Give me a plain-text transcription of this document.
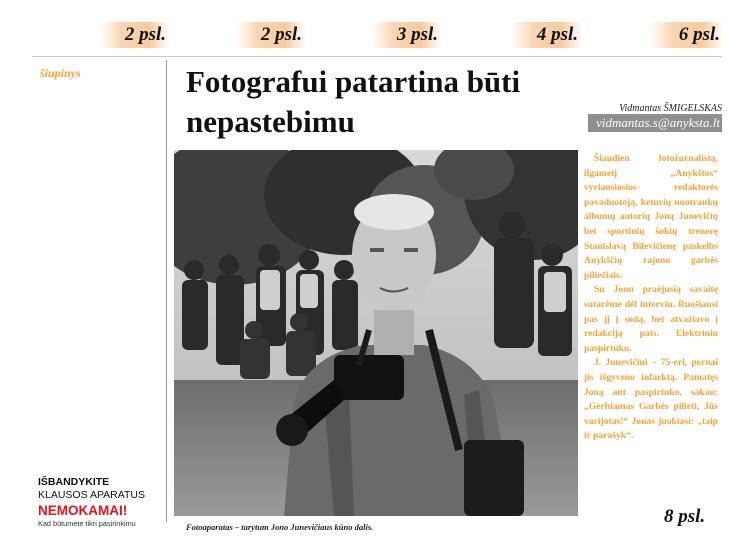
2 psl.	2 psl.	3 psl.	4 psl.	6 psl.
šiupinys	Fotografui patartina būti nepastebimu	Vidmantas ŠMIGELSKAS
vidmantas.s@anyksta.lt
Fotoaparatas – tarytum Jono Junevičiaus kūno dalis.

Šiaudien fotožurnalistą, ilgametį „Anykštos“ vyriausiosios redaktorės pavaduotoją, keturių nuotraukų albumų autorių Joną Junevičių bei sportinių šokių trenerę Stanislavą Bilevičienę paskelbs Anykščių rajono garbės piliečiais.

Su Jonu praėjusią savaitę sutarėme dėl interviu. Ruošiausi pas jį į sodą, bet atvažiavo į redakciją pats. Elektriniu paspirtuku.

J. Junevičiui – 75-eri, pernai jis išgyveno infarktą. Pamatęs Joną ant paspirtuko, sakau: „Gerbiamas Garbės pilieti, Jūs varijotas!“ Jonas juokiasi: „taip ir parašyk“.

IŠBANDYKITE
KLAUSOS APARATUS
NEMOKAMAI!
Kad būtumėte tikri pasirinkimu	8 psl.
